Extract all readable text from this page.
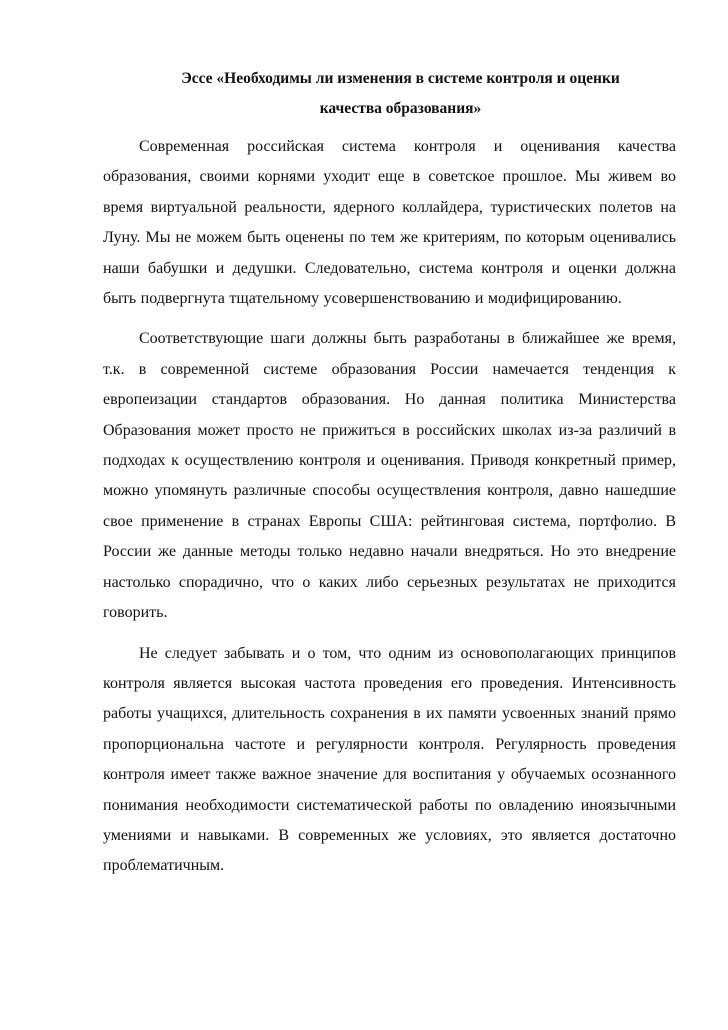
Эссе «Необходимы ли изменения в системе контроля и оценки
качества образования»

Современная российская система контроля и оценивания качества образования, своими корнями уходит еще в советское прошлое. Мы живем во время виртуальной реальности, ядерного коллайдера, туристических полетов на Луну. Мы не можем быть оценены по тем же критериям, по которым оценивались наши бабушки и дедушки. Следовательно, система контроля и оценки должна быть подвергнута тщательному усовершенствованию и модифицированию.

Соответствующие шаги должны быть разработаны в ближайшее же время, т.к. в современной системе образования России намечается тенденция к европеизации стандартов образования. Но данная политика Министерства Образования может просто не прижиться в российских школах из-за различий в подходах к осуществлению контроля и оценивания. Приводя конкретный пример, можно упомянуть различные способы осуществления контроля, давно нашедшие свое применение в странах Европы США: рейтинговая система, портфолио. В России же данные методы только недавно начали внедряться. Но это внедрение настолько спорадично, что о каких либо серьезных результатах не приходится говорить.

Не следует забывать и о том, что одним из основополагающих принципов контроля является высокая частота проведения его проведения. Интенсивность работы учащихся, длительность сохранения в их памяти усвоенных знаний прямо пропорциональна частоте и регулярности контроля. Регулярность проведения контроля имеет также важное значение для воспитания у обучаемых осознанного понимания необходимости систематической работы по овладению иноязычными умениями и навыками. В современных же условиях, это является достаточно проблематичным.
